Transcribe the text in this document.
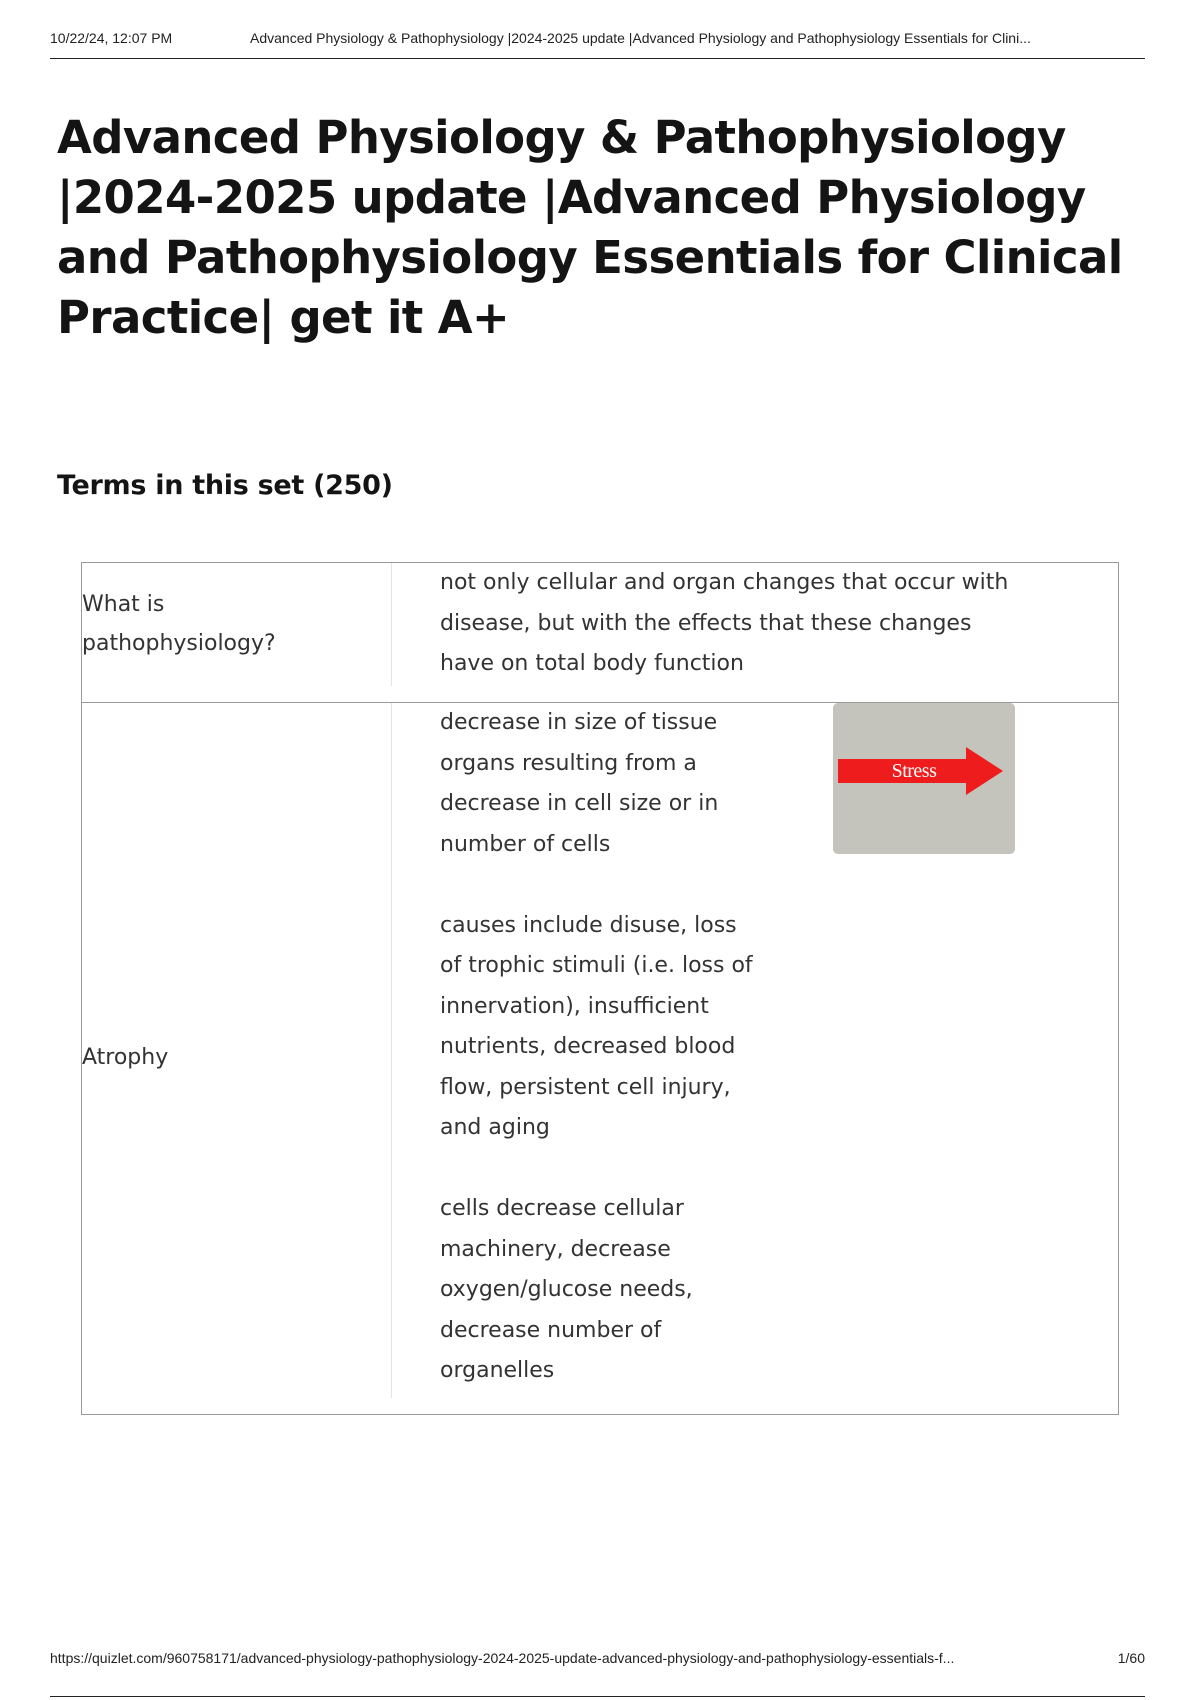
10/22/24, 12:07 PM	Advanced Physiology & Pathophysiology |2024-2025 update |Advanced Physiology and Pathophysiology Essentials for Clini...
Advanced Physiology & Pathophysiology |2024-2025 update |Advanced Physiology and Pathophysiology Essentials for Clinical Practice| get it A+
Terms in this set (250)
What is pathophysiology?
not only cellular and organ changes that occur with disease, but with the effects that these changes have on total body function
Atrophy
decrease in size of tissue
organs resulting from a
decrease in cell size or in
number of cells

causes include disuse, loss
of trophic stimuli (i.e. loss of
innervation), insufficient
nutrients, decreased blood
flow, persistent cell injury,
and aging

cells decrease cellular
machinery, decrease
oxygen/glucose needs,
decrease number of
organelles
Stress
https://quizlet.com/960758171/advanced-physiology-pathophysiology-2024-2025-update-advanced-physiology-and-pathophysiology-essentials-f...	1/60
